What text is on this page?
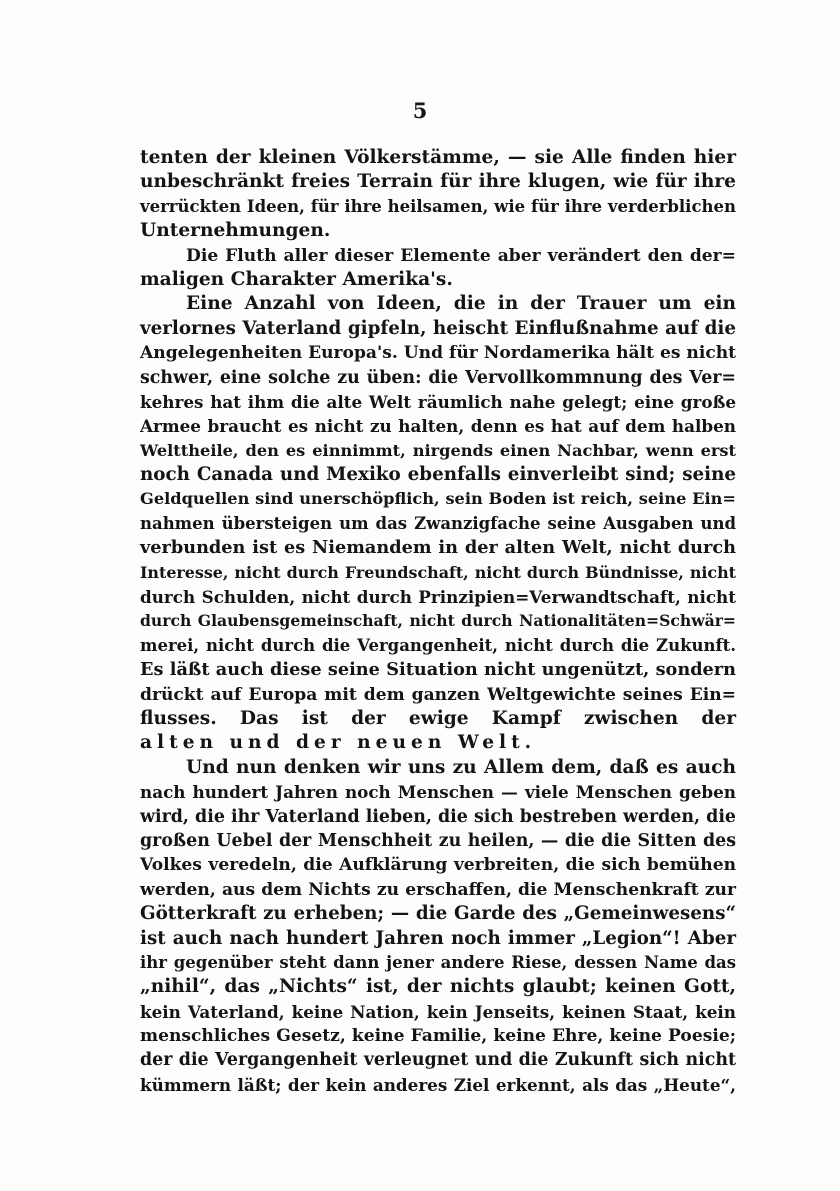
5
tenten der kleinen Völkerstämme, — sie Alle finden hier
unbeschränkt freies Terrain für ihre klugen, wie für ihre
verrückten Ideen, für ihre heilsamen, wie für ihre verderblichen
Unternehmungen.
Die Fluth aller dieser Elemente aber verändert den der=
maligen Charakter Amerika's.
Eine Anzahl von Ideen, die in der Trauer um ein
verlornes Vaterland gipfeln, heischt Einflußnahme auf die
Angelegenheiten Europa's. Und für Nordamerika hält es nicht
schwer, eine solche zu üben: die Vervollkommnung des Ver=
kehres hat ihm die alte Welt räumlich nahe gelegt; eine große
Armee braucht es nicht zu halten, denn es hat auf dem halben
Welttheile, den es einnimmt, nirgends einen Nachbar, wenn erst
noch Canada und Mexiko ebenfalls einverleibt sind; seine
Geldquellen sind unerschöpflich, sein Boden ist reich, seine Ein=
nahmen übersteigen um das Zwanzigfache seine Ausgaben und
verbunden ist es Niemandem in der alten Welt, nicht durch
Interesse, nicht durch Freundschaft, nicht durch Bündnisse, nicht
durch Schulden, nicht durch Prinzipien=Verwandtschaft, nicht
durch Glaubensgemeinschaft, nicht durch Nationalitäten=Schwär=
merei, nicht durch die Vergangenheit, nicht durch die Zukunft.
Es läßt auch diese seine Situation nicht ungenützt, sondern
drückt auf Europa mit dem ganzen Weltgewichte seines Ein=
flusses. Das ist der ewige Kampf zwischen der
alten und der neuen Welt.
Und nun denken wir uns zu Allem dem, daß es auch
nach hundert Jahren noch Menschen — viele Menschen geben
wird, die ihr Vaterland lieben, die sich bestreben werden, die
großen Uebel der Menschheit zu heilen, — die die Sitten des
Volkes veredeln, die Aufklärung verbreiten, die sich bemühen
werden, aus dem Nichts zu erschaffen, die Menschenkraft zur
Götterkraft zu erheben; — die Garde des „Gemeinwesens“
ist auch nach hundert Jahren noch immer „Legion“! Aber
ihr gegenüber steht dann jener andere Riese, dessen Name das
„nihil“, das „Nichts“ ist, der nichts glaubt; keinen Gott,
kein Vaterland, keine Nation, kein Jenseits, keinen Staat, kein
menschliches Gesetz, keine Familie, keine Ehre, keine Poesie;
der die Vergangenheit verleugnet und die Zukunft sich nicht
kümmern läßt; der kein anderes Ziel erkennt, als das „Heute“,
